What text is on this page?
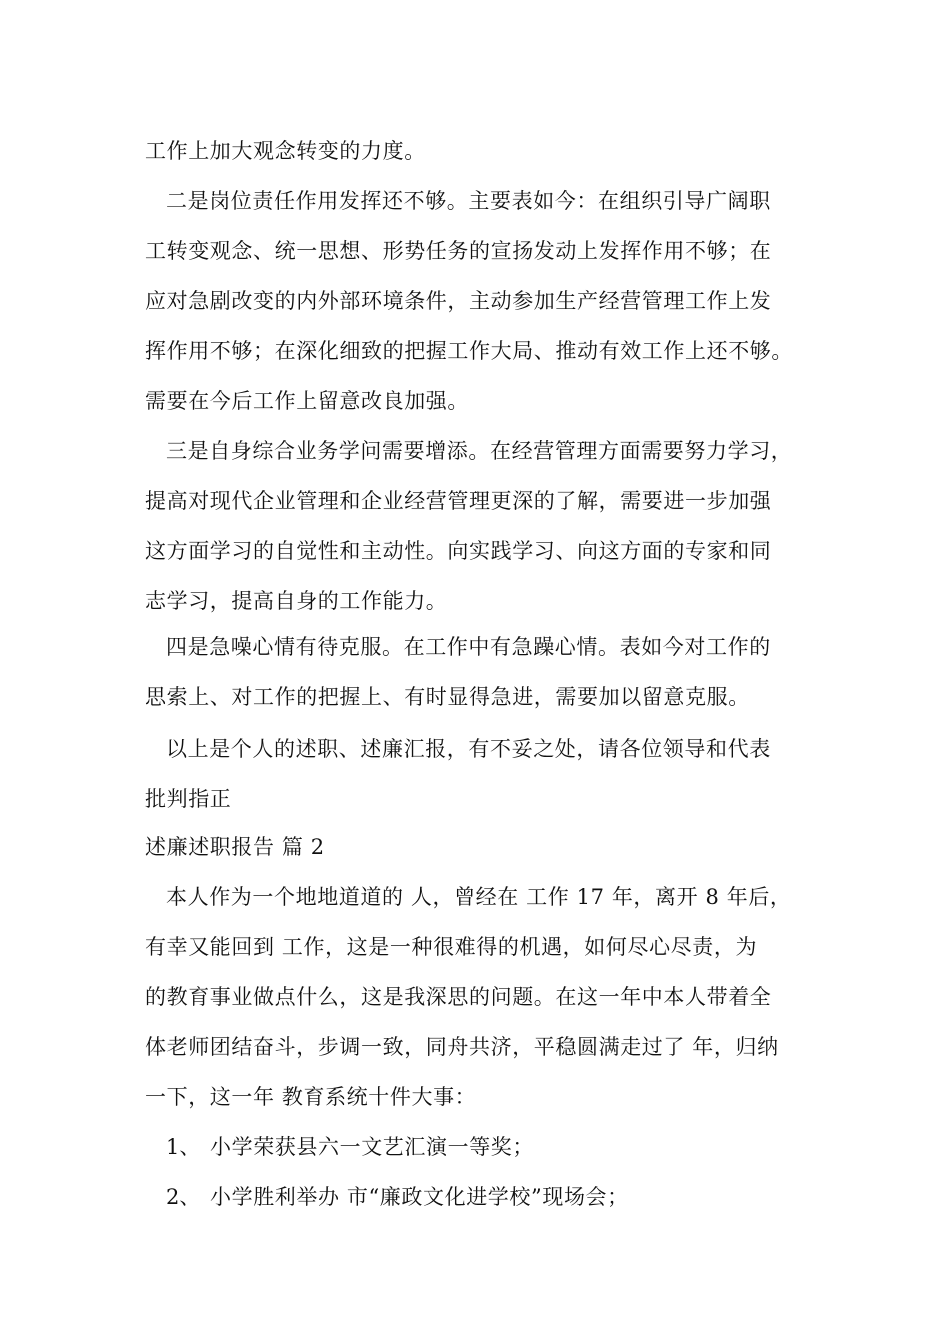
工作上加大观念转变的力度。
二是岗位责任作用发挥还不够。主要表如今：在组织引导广阔职
工转变观念、统一思想、形势任务的宣扬发动上发挥作用不够；在
应对急剧改变的内外部环境条件，主动参加生产经营管理工作上发
挥作用不够；在深化细致的把握工作大局、推动有效工作上还不够。
需要在今后工作上留意改良加强。
三是自身综合业务学问需要增添。在经营管理方面需要努力学习，
提高对现代企业管理和企业经营管理更深的了解，需要进一步加强
这方面学习的自觉性和主动性。向实践学习、向这方面的专家和同
志学习，提高自身的工作能力。
四是急噪心情有待克服。在工作中有急躁心情。表如今对工作的
思索上、对工作的把握上、有时显得急进，需要加以留意克服。
以上是个人的述职、述廉汇报，有不妥之处，请各位领导和代表
批判指正
述廉述职报告 篇 2
本人作为一个地地道道的 人，曾经在 工作 17 年，离开 8 年后，
有幸又能回到 工作，这是一种很难得的机遇，如何尽心尽责，为
的教育事业做点什么，这是我深思的问题。在这一年中本人带着全
体老师团结奋斗，步调一致，同舟共济，平稳圆满走过了 年，归纳
一下，这一年 教育系统十件大事：
1、 小学荣获县六一文艺汇演一等奖；
2、 小学胜利举办 市“廉政文化进学校”现场会；
